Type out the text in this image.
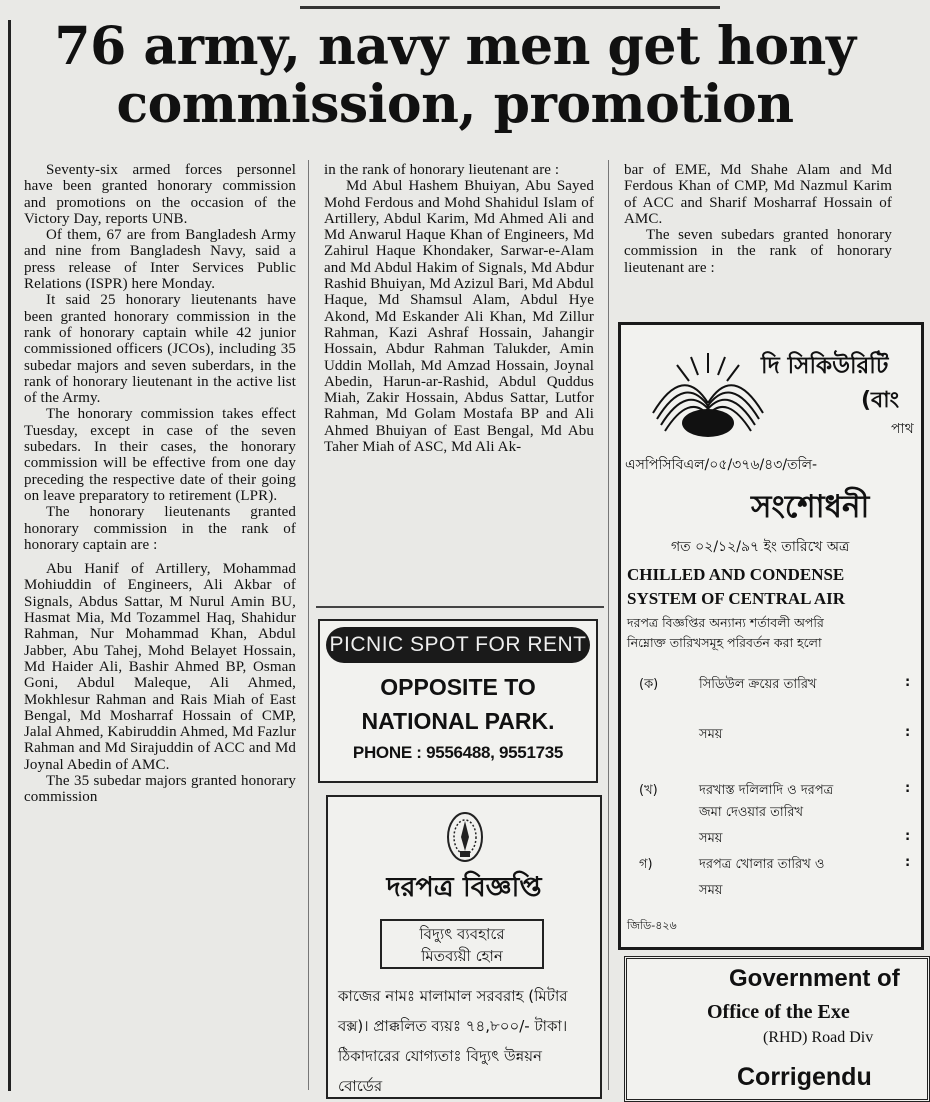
76 army, navy men get hony
commission, promotion

Seventy-six armed forces personnel have been granted honorary commission and promotions on the occasion of the Victory Day, reports UNB.

Of them, 67 are from Bangladesh Army and nine from Bangladesh Navy, said a press release of Inter Services Public Relations (ISPR) here Monday.

It said 25 honorary lieutenants have been granted honorary commission in the rank of honorary captain while 42 junior commissioned officers (JCOs), including 35 subedar majors and seven suberdars, in the rank of honorary lieutenant in the active list of the Army.

The honorary commission takes effect Tuesday, except in case of the seven subedars. In their cases, the honorary commission will be effective from one day preceding the respective date of their going on leave preparatory to retirement (LPR).

The honorary lieutenants granted honorary commission in the rank of honorary captain are :

Abu Hanif of Artillery, Mohammad Mohiuddin of Engineers, Ali Akbar of Signals, Abdus Sattar, M Nurul Amin BU, Hasmat Mia, Md Tozammel Haq, Shahidur Rahman, Nur Mohammad Khan, Abdul Jabber, Abu Tahej, Mohd Belayet Hossain, Md Haider Ali, Bashir Ahmed BP, Osman Goni, Abdul Maleque, Ali Ahmed, Mokhlesur Rahman and Rais Miah of East Bengal, Md Mosharraf Hossain of CMP, Jalal Ahmed, Kabiruddin Ahmed, Md Fazlur Rahman and Md Sirajuddin of ACC and Md Joynal Abedin of AMC.

The 35 subedar majors granted honorary commission

in the rank of honorary lieutenant are :

Md Abul Hashem Bhuiyan, Abu Sayed Mohd Ferdous and Mohd Shahidul Islam of Artillery, Abdul Karim, Md Ahmed Ali and Md Anwarul Haque Khan of Engineers, Md Zahirul Haque Khondaker, Sarwar-e-Alam and Md Abdul Hakim of Signals, Md Abdur Rashid Bhuiyan, Md Azizul Bari, Md Abdul Haque, Md Shamsul Alam, Abdul Hye Akond, Md Eskander Ali Khan, Md Zillur Rahman, Kazi Ashraf Hossain, Jahangir Hossain, Abdur Rahman Talukder, Amin Uddin Mollah, Md Amzad Hossain, Joynal Abedin, Harun-ar-Rashid, Abdul Quddus Miah, Zakir Hossain, Abdus Sattar, Lutfor Rahman, Md Golam Mostafa BP and Ali Ahmed Bhuiyan of East Bengal, Md Abu Taher Miah of ASC, Md Ali Ak-

bar of EME, Md Shahe Alam and Md Ferdous Khan of CMP, Md Nazmul Karim of ACC and Sharif Mosharraf Hossain of AMC.

The seven subedars granted honorary commission in the rank of honorary lieutenant are :

PICNIC SPOT FOR RENT
OPPOSITE TO
NATIONAL PARK.
PHONE : 9556488, 9551735
দরপত্র বিজ্ঞপ্তি
বিদ্যুৎ ব্যবহারে
মিতব্যয়ী হোন
কাজের নামঃ মালামাল সরবরাহ (মিটার বক্স)। প্রাক্কলিত ব্যয়ঃ ৭৪,৮০০/- টাকা। ঠিকাদারের যোগ্যতাঃ বিদ্যুৎ উন্নয়ন বোর্ডের
দি সিকিউরিটি
(বাং
পাথ
এসপিসিবিএল/০৫/৩৭৬/৪৩/তলি-
সংশোধনী
গত ০২/১২/৯৭ ইং তারিখে অত্র
CHILLED AND CONDENSE
SYSTEM OF CENTRAL AIR
দরপত্র বিজ্ঞপ্তির অন্যান্য শর্তাবলী অপরি
নিম্নোক্ত তারিখসমূহ পরিবর্তন করা হলো
(ক)	সিডিউল ক্রয়ের তারিখ	:
সময়	:
(খ)	দরখাস্ত দলিলাদি ও দরপত্র	:
জমা দেওয়ার তারিখ
সময়	:
গ)	দরপত্র খোলার তারিখ ও	:
সময়
জিডি-৪২৬
Government of
Office of the Exe
(RHD) Road Div
Corrigendu
